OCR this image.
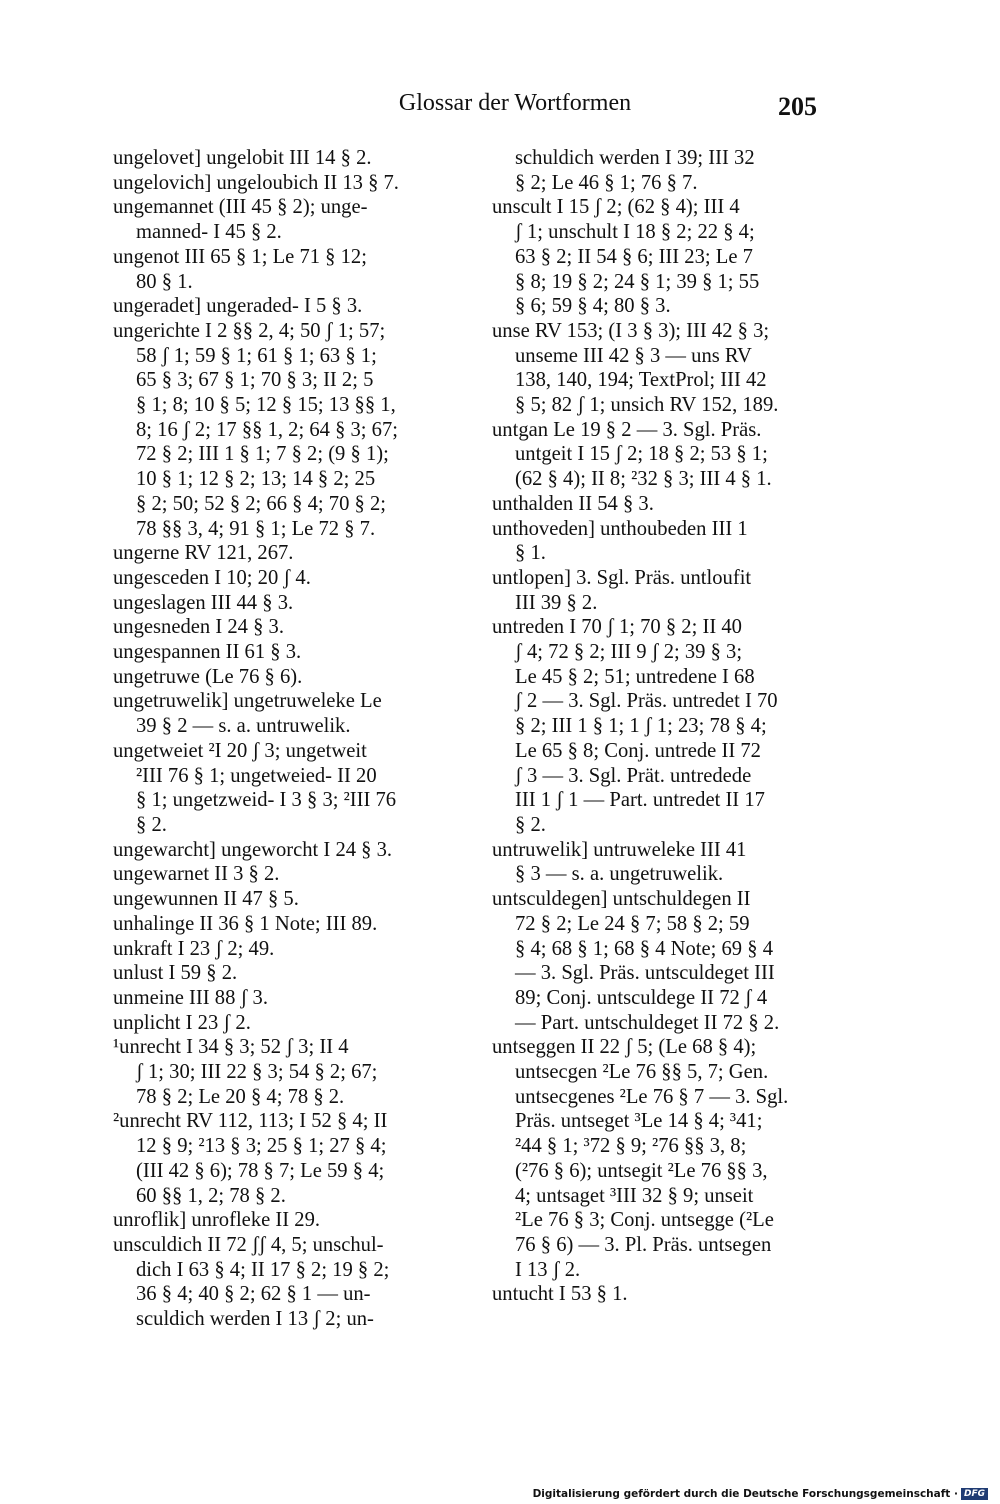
Glossar der Wortformen	205
ungelovet] ungelobit III 14 § 2.
ungelovich] ungeloubich II 13 § 7.
ungemannet (III 45 § 2); unge-
manned- I 45 § 2.
ungenot III 65 § 1; Le 71 § 12;
80 § 1.
ungeradet] ungeraded- I 5 § 3.
ungerichte I 2 §§ 2, 4; 50 ʃ 1; 57;
58 ʃ 1; 59 § 1; 61 § 1; 63 § 1;
65 § 3; 67 § 1; 70 § 3; II 2; 5
§ 1; 8; 10 § 5; 12 § 15; 13 §§ 1,
8; 16 ʃ 2; 17 §§ 1, 2; 64 § 3; 67;
72 § 2; III 1 § 1; 7 § 2; (9 § 1);
10 § 1; 12 § 2; 13; 14 § 2; 25
§ 2; 50; 52 § 2; 66 § 4; 70 § 2;
78 §§ 3, 4; 91 § 1; Le 72 § 7.
ungerne RV 121, 267.
ungesceden I 10; 20 ʃ 4.
ungeslagen III 44 § 3.
ungesneden I 24 § 3.
ungespannen II 61 § 3.
ungetruwe (Le 76 § 6).
ungetruwelik] ungetruweleke Le
39 § 2 — s. a. untruwelik.
ungetweiet ²I 20 ʃ 3; ungetweit
²III 76 § 1; ungetweied- II 20
§ 1; ungetzweid- I 3 § 3; ²III 76
§ 2.
ungewarcht] ungeworcht I 24 § 3.
ungewarnet II 3 § 2.
ungewunnen II 47 § 5.
unhalinge II 36 § 1 Note; III 89.
unkraft I 23 ʃ 2; 49.
unlust I 59 § 2.
unmeine III 88 ʃ 3.
unplicht I 23 ʃ 2.
¹unrecht I 34 § 3; 52 ʃ 3; II 4
ʃ 1; 30; III 22 § 3; 54 § 2; 67;
78 § 2; Le 20 § 4; 78 § 2.
²unrecht RV 112, 113; I 52 § 4; II
12 § 9; ²13 § 3; 25 § 1; 27 § 4;
(III 42 § 6); 78 § 7; Le 59 § 4;
60 §§ 1, 2; 78 § 2.
unroflik] unrofleke II 29.
unsculdich II 72 ʃʃ 4, 5; unschul-
dich I 63 § 4; II 17 § 2; 19 § 2;
36 § 4; 40 § 2; 62 § 1 — un-
sculdich werden I 13 ʃ 2; un-
schuldich werden I 39; III 32
§ 2; Le 46 § 1; 76 § 7.
unscult I 15 ʃ 2; (62 § 4); III 4
ʃ 1; unschult I 18 § 2; 22 § 4;
63 § 2; II 54 § 6; III 23; Le 7
§ 8; 19 § 2; 24 § 1; 39 § 1; 55
§ 6; 59 § 4; 80 § 3.
unse RV 153; (I 3 § 3); III 42 § 3;
unseme III 42 § 3 — uns RV
138, 140, 194; TextProl; III 42
§ 5; 82 ʃ 1; unsich RV 152, 189.
untgan Le 19 § 2 — 3. Sgl. Präs.
untgeit I 15 ʃ 2; 18 § 2; 53 § 1;
(62 § 4); II 8; ²32 § 3; III 4 § 1.
unthalden II 54 § 3.
unthoveden] unthoubeden III 1
§ 1.
untlopen] 3. Sgl. Präs. untloufit
III 39 § 2.
untreden I 70 ʃ 1; 70 § 2; II 40
ʃ 4; 72 § 2; III 9 ʃ 2; 39 § 3;
Le 45 § 2; 51; untredene I 68
ʃ 2 — 3. Sgl. Präs. untredet I 70
§ 2; III 1 § 1; 1 ʃ 1; 23; 78 § 4;
Le 65 § 8; Conj. untrede II 72
ʃ 3 — 3. Sgl. Prät. untredede
III 1 ʃ 1 — Part. untredet II 17
§ 2.
untruwelik] untruweleke III 41
§ 3 — s. a. ungetruwelik.
untsculdegen] untschuldegen II
72 § 2; Le 24 § 7; 58 § 2; 59
§ 4; 68 § 1; 68 § 4 Note; 69 § 4
— 3. Sgl. Präs. untsculdeget III
89; Conj. untsculdege II 72 ʃ 4
— Part. untschuldeget II 72 § 2.
untseggen II 22 ʃ 5; (Le 68 § 4);
untsecgen ²Le 76 §§ 5, 7; Gen.
untsecgenes ²Le 76 § 7 — 3. Sgl.
Präs. untseget ³Le 14 § 4; ³41;
²44 § 1; ³72 § 9; ²76 §§ 3, 8;
(²76 § 6); untsegit ²Le 76 §§ 3,
4; untsaget ³III 32 § 9; unseit
²Le 76 § 3; Conj. untsegge (²Le
76 § 6) — 3. Pl. Präs. untsegen
I 13 ʃ 2.
untucht I 53 § 1.
Digitalisierung gefördert durch die Deutsche Forschungsgemeinschaft · DFG
